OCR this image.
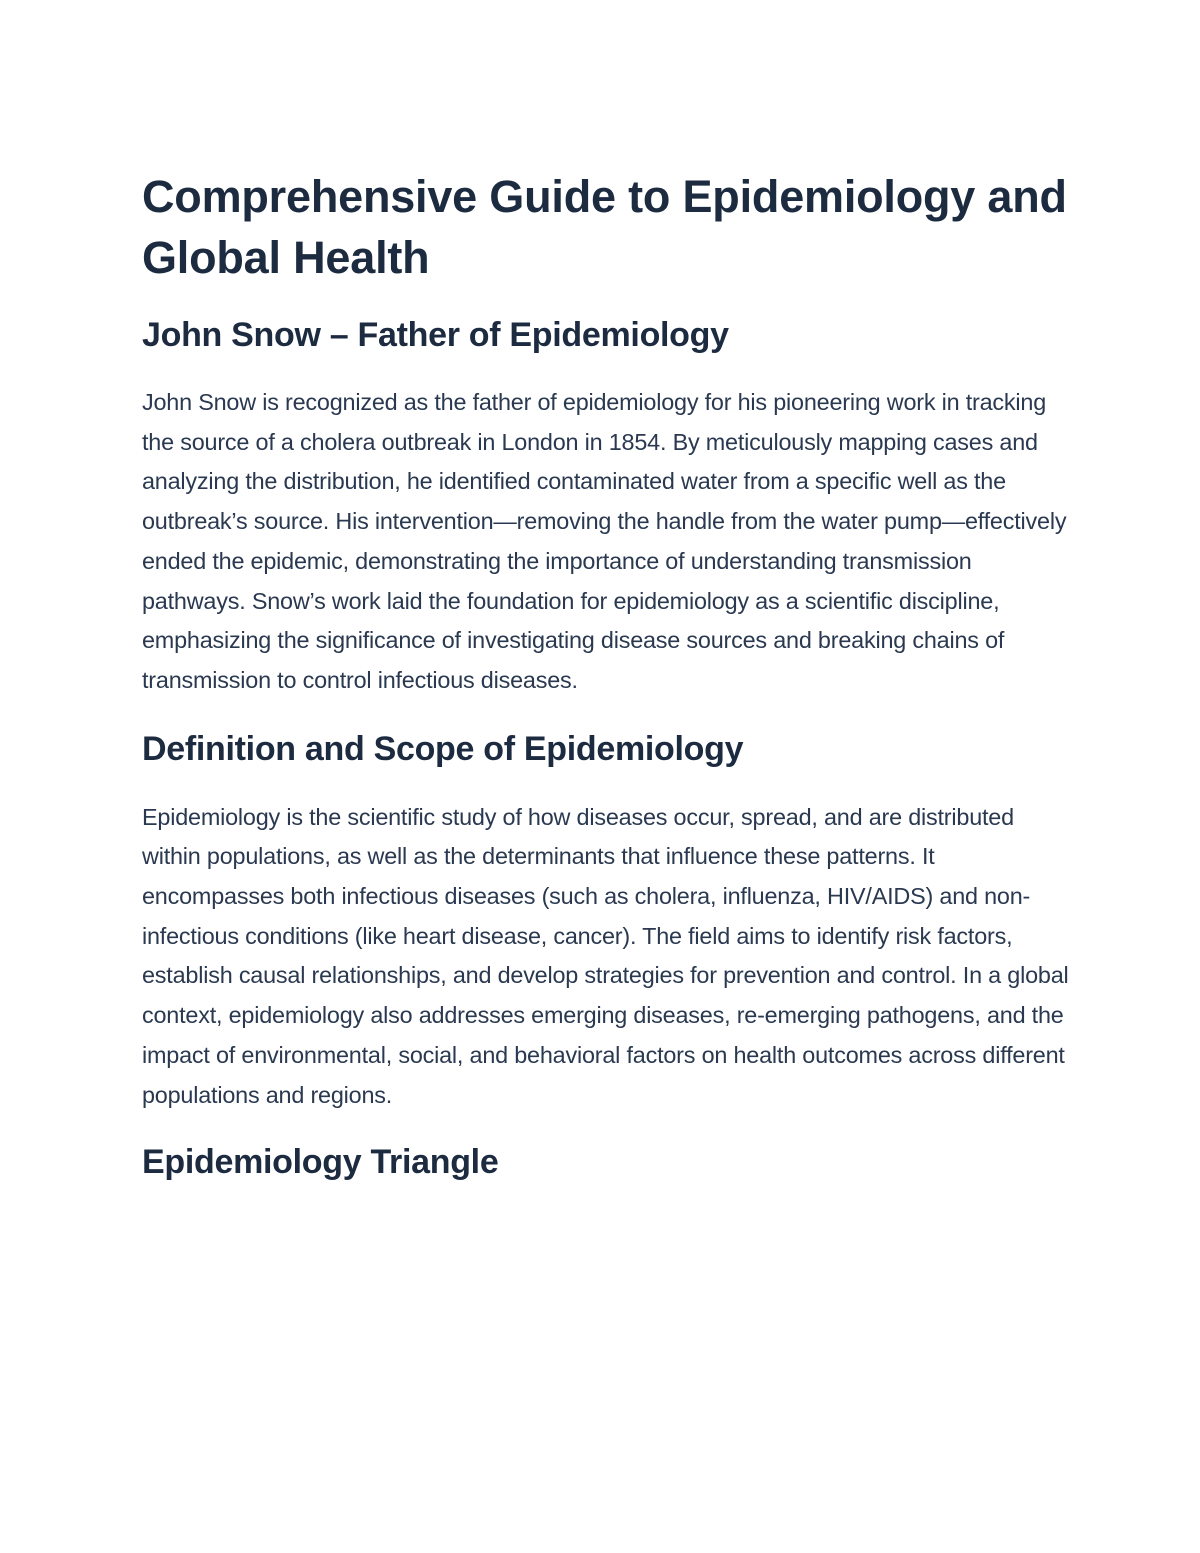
Comprehensive Guide to Epidemiology and Global Health
John Snow – Father of Epidemiology

John Snow is recognized as the father of epidemiology for his pioneering work in tracking the source of a cholera outbreak in London in 1854. By meticulously mapping cases and analyzing the distribution, he identified contaminated water from a specific well as the outbreak’s source. His intervention—removing the handle from the water pump—effectively ended the epidemic, demonstrating the importance of understanding transmission pathways. Snow’s work laid the foundation for epidemiology as a scientific discipline, emphasizing the significance of investigating disease sources and breaking chains of transmission to control infectious diseases.

Definition and Scope of Epidemiology

Epidemiology is the scientific study of how diseases occur, spread, and are distributed within populations, as well as the determinants that influence these patterns. It encompasses both infectious diseases (such as cholera, influenza, HIV/AIDS) and non-infectious conditions (like heart disease, cancer). The field aims to identify risk factors, establish causal relationships, and develop strategies for prevention and control. In a global context, epidemiology also addresses emerging diseases, re-emerging pathogens, and the impact of environmental, social, and behavioral factors on health outcomes across different populations and regions.

Epidemiology Triangle
